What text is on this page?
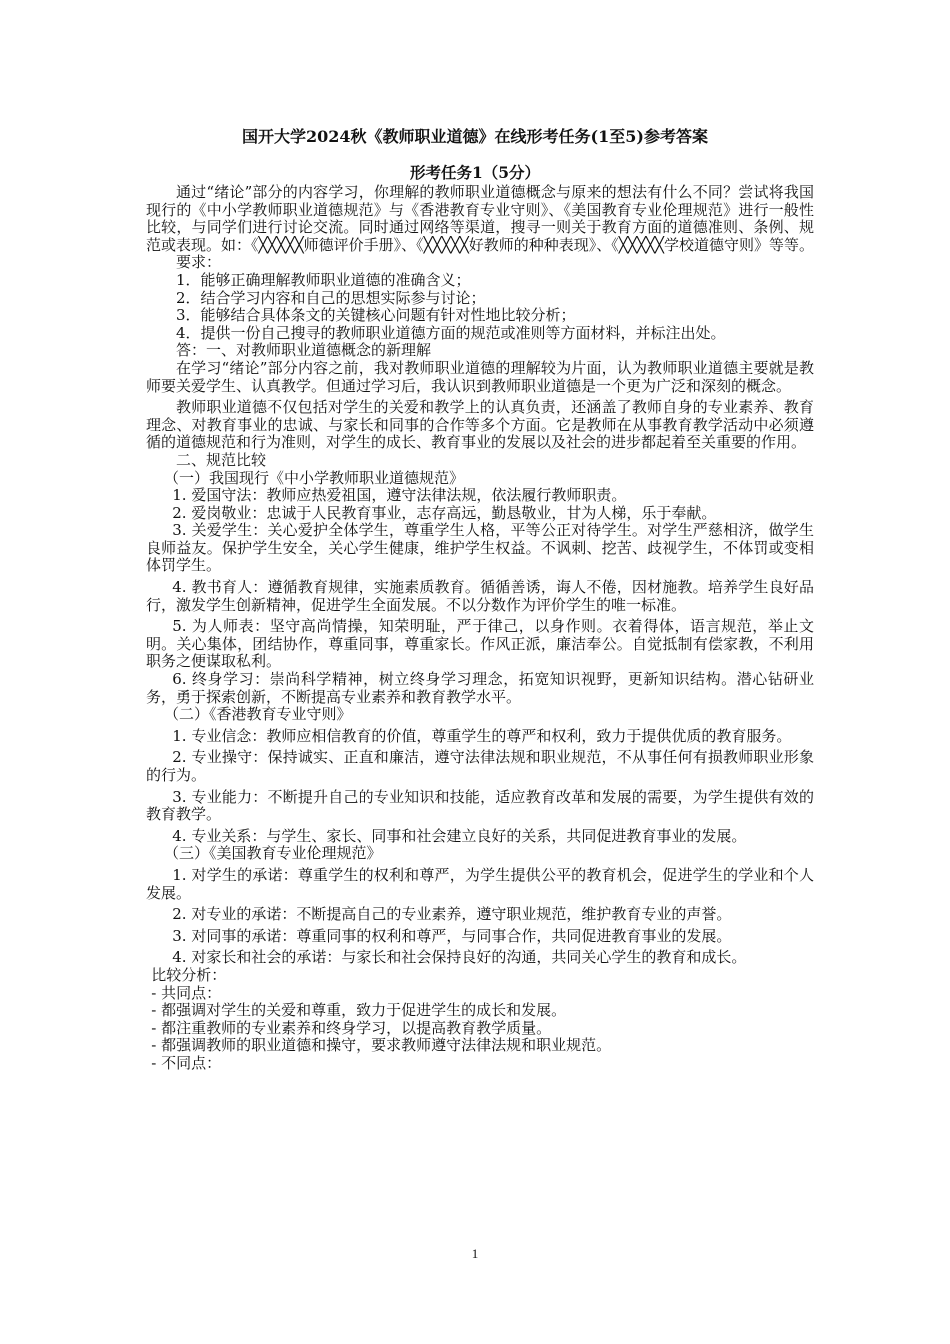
国开大学2024秋《教师职业道德》在线形考任务(1至5)参考答案
形考任务1（5分）

通过“绪论”部分的内容学习，你理解的教师职业道德概念与原来的想法有什么不同？尝试将我国现行的《中小学教师职业道德规范》与《香港教育专业守则》、《美国教育专业伦理规范》进行一般性比较，与同学们进行讨论交流。同时通过网络等渠道，搜寻一则关于教育方面的道德准则、条例、规范或表现。如：《╳╳╳╳╳师德评价手册》、《╳╳╳╳╳好教师的种种表现》、《╳╳╳╳╳学校道德守则》等等。

要求：

1．能够正确理解教师职业道德的准确含义；

2．结合学习内容和自己的思想实际参与讨论；

3．能够结合具体条文的关键核心问题有针对性地比较分析；

4．提供一份自己搜寻的教师职业道德方面的规范或准则等方面材料，并标注出处。

答：一、对教师职业道德概念的新理解

在学习“绪论”部分内容之前，我对教师职业道德的理解较为片面，认为教师职业道德主要就是教师要关爱学生、认真教学。但通过学习后，我认识到教师职业道德是一个更为广泛和深刻的概念。

教师职业道德不仅包括对学生的关爱和教学上的认真负责，还涵盖了教师自身的专业素养、教育理念、对教育事业的忠诚、与家长和同事的合作等多个方面。它是教师在从事教育教学活动中必须遵循的道德规范和行为准则，对学生的成长、教育事业的发展以及社会的进步都起着至关重要的作用。

二、规范比较

（一）我国现行《中小学教师职业道德规范》

1. 爱国守法：教师应热爱祖国，遵守法律法规，依法履行教师职责。

2. 爱岗敬业：忠诚于人民教育事业，志存高远，勤恳敬业，甘为人梯，乐于奉献。

3. 关爱学生：关心爱护全体学生，尊重学生人格，平等公正对待学生。对学生严慈相济，做学生良师益友。保护学生安全，关心学生健康，维护学生权益。不讽刺、挖苦、歧视学生，不体罚或变相体罚学生。

4. 教书育人：遵循教育规律，实施素质教育。循循善诱，诲人不倦，因材施教。培养学生良好品行，激发学生创新精神，促进学生全面发展。不以分数作为评价学生的唯一标准。

5. 为人师表：坚守高尚情操，知荣明耻，严于律己，以身作则。衣着得体，语言规范，举止文明。关心集体，团结协作，尊重同事，尊重家长。作风正派，廉洁奉公。自觉抵制有偿家教，不利用职务之便谋取私利。

6. 终身学习：崇尚科学精神，树立终身学习理念，拓宽知识视野，更新知识结构。潜心钻研业务，勇于探索创新，不断提高专业素养和教育教学水平。

（二）《香港教育专业守则》

1. 专业信念：教师应相信教育的价值，尊重学生的尊严和权利，致力于提供优质的教育服务。

2. 专业操守：保持诚实、正直和廉洁，遵守法律法规和职业规范，不从事任何有损教师职业形象的行为。

3. 专业能力：不断提升自己的专业知识和技能，适应教育改革和发展的需要，为学生提供有效的教育教学。

4. 专业关系：与学生、家长、同事和社会建立良好的关系，共同促进教育事业的发展。

（三）《美国教育专业伦理规范》

1. 对学生的承诺：尊重学生的权利和尊严，为学生提供公平的教育机会，促进学生的学业和个人发展。

2. 对专业的承诺：不断提高自己的专业素养，遵守职业规范，维护教育专业的声誉。

3. 对同事的承诺：尊重同事的权利和尊严，与同事合作，共同促进教育事业的发展。

4. 对家长和社会的承诺：与家长和社会保持良好的沟通，共同关心学生的教育和成长。

比较分析：

- 共同点：

- 都强调对学生的关爱和尊重，致力于促进学生的成长和发展。

- 都注重教师的专业素养和终身学习，以提高教育教学质量。

- 都强调教师的职业道德和操守，要求教师遵守法律法规和职业规范。

- 不同点：

1
